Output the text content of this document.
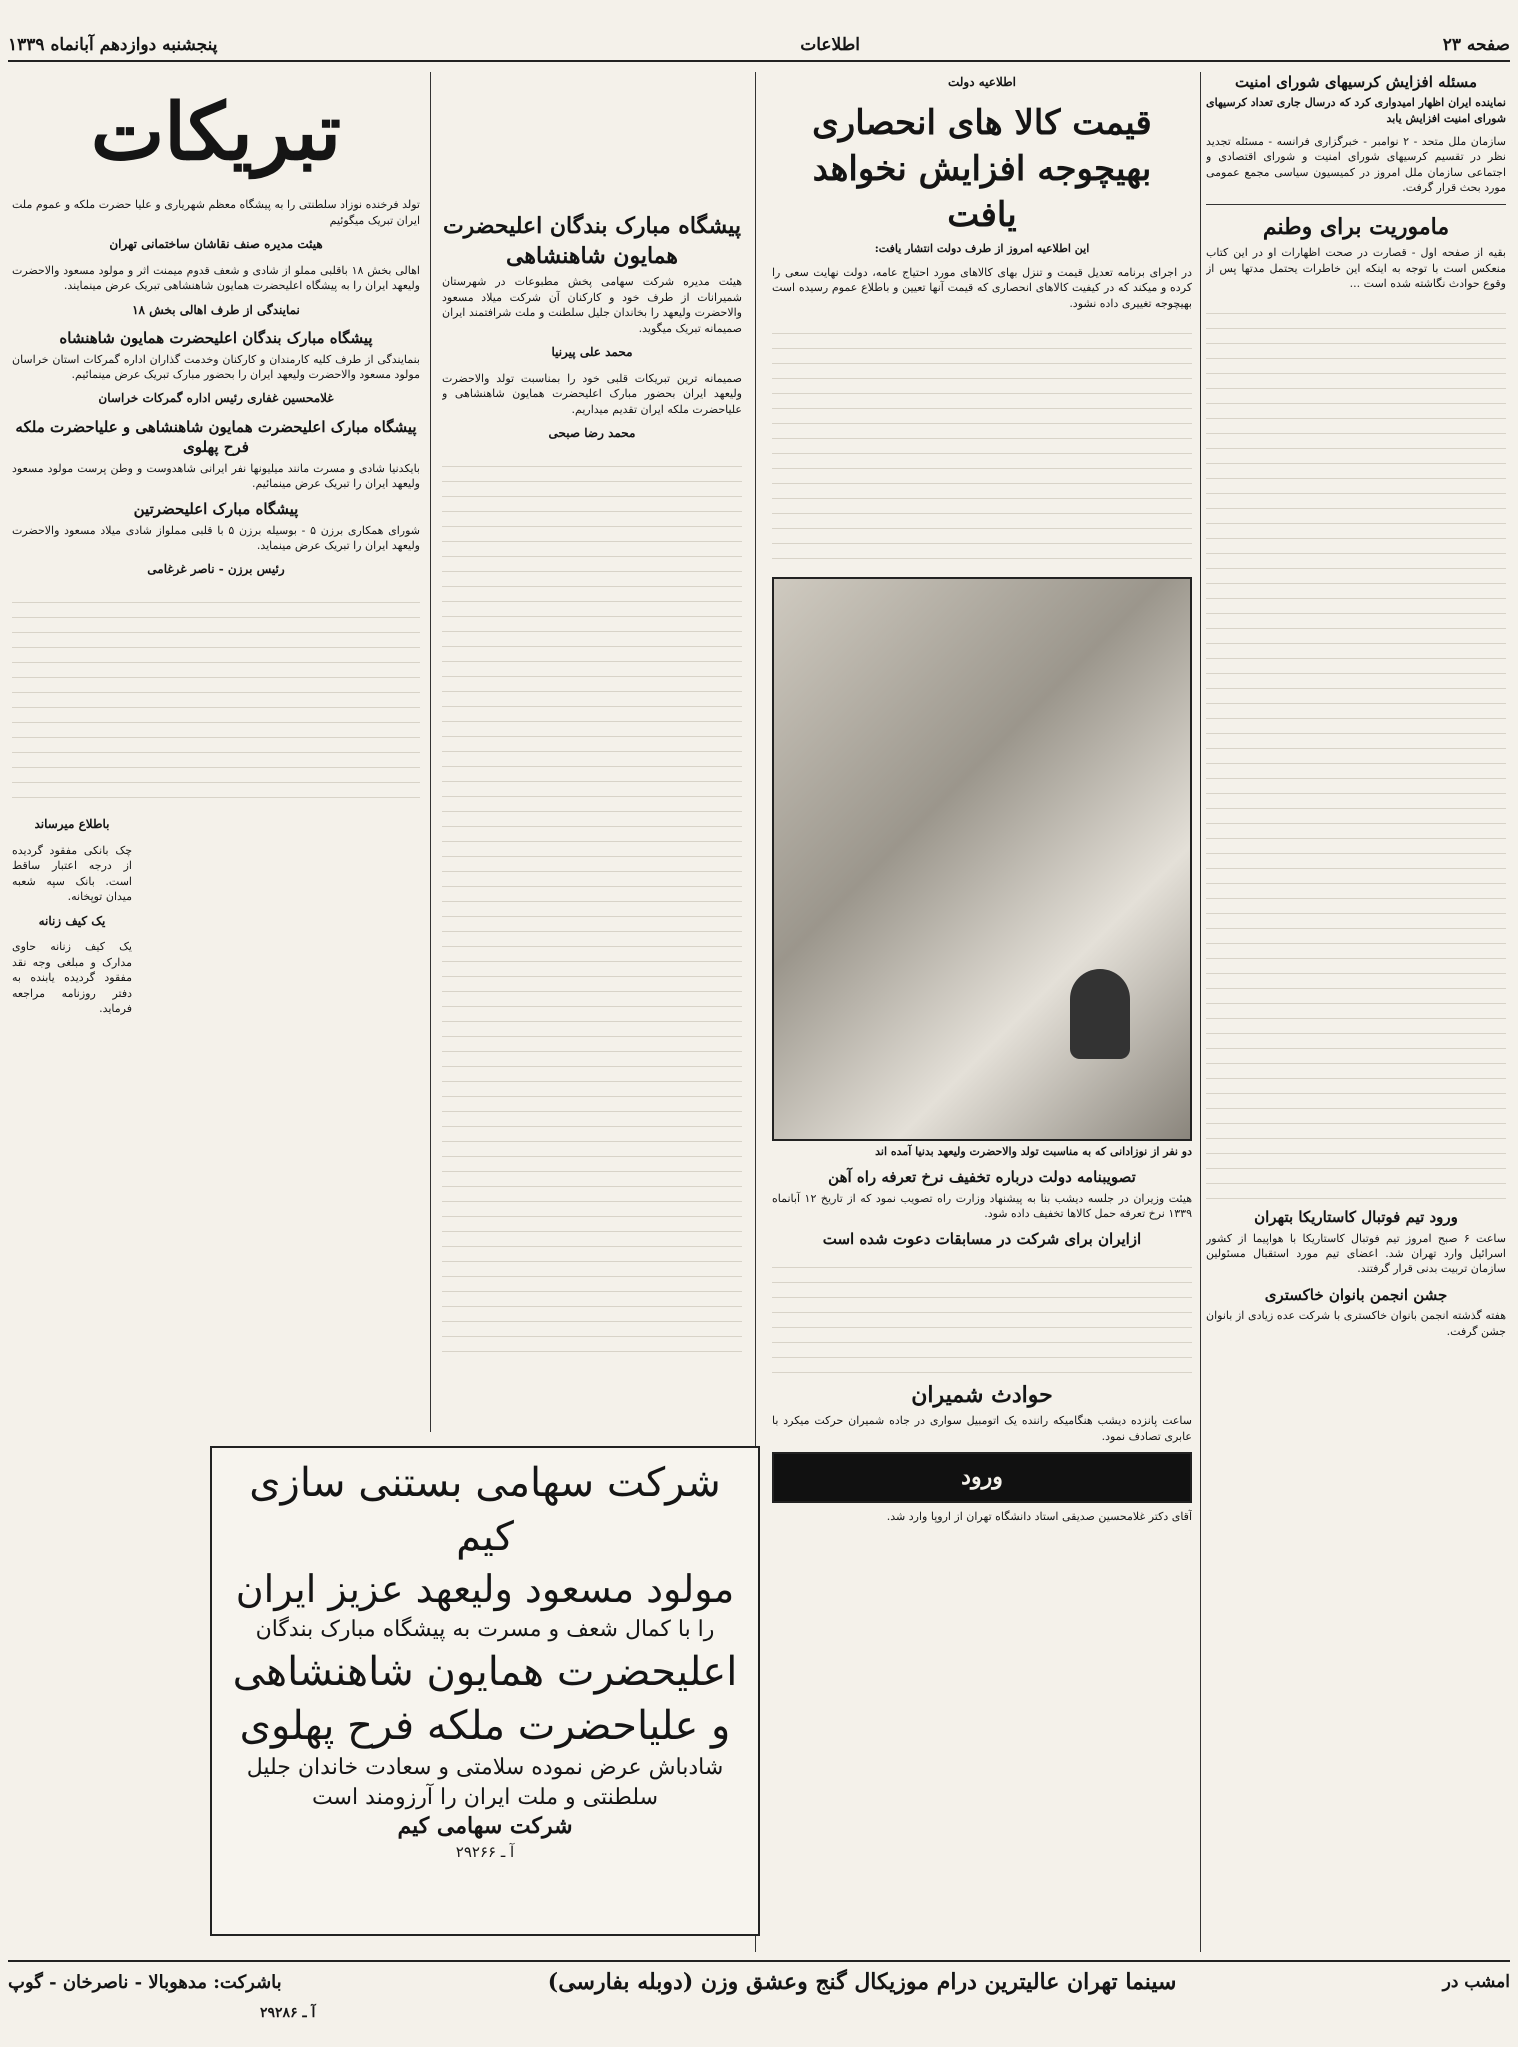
صفحه ۲۳
اطلاعات
پنجشنبه دوازدهم آبانماه ۱۳۳۹
مسئله افزایش کرسیهای شورای امنیت
نماینده ایران اظهار امیدواری کرد که درسال جاری تعداد کرسیهای شورای امنیت افزایش یابد
سازمان ملل متحد - ۲ نوامبر - خبرگزاری فرانسه - مسئله تجدید نظر در تقسیم کرسیهای شورای امنیت و شورای اقتصادی و اجتماعی سازمان ملل امروز در کمیسیون سیاسی مجمع عمومی مورد بحث قرار گرفت.
ماموریت برای وطنم
بقیه از صفحه اول - قصارت در صحت اظهارات او در این کتاب منعکس است با توجه به اینکه این خاطرات یحتمل مدتها پس از وقوع حوادث نگاشته شده است ...
ورود تیم فوتبال کاستاریکا بتهران
ساعت ۶ صبح امروز تیم فوتبال کاستاریکا با هواپیما از کشور اسرائیل وارد تهران شد. اعضای تیم مورد استقبال مسئولین سازمان تربیت بدنی قرار گرفتند.
جشن انجمن بانوان خاکستری
هفته گذشته انجمن بانوان خاکستری با شرکت عده زیادی از بانوان جشن گرفت.
اطلاعیه دولت
قیمت کالا های انحصاری
بهیچوجه افزایش نخواهد یافت
این اطلاعیه امروز از طرف دولت انتشار یافت:
در اجرای برنامه تعدیل قیمت و تنزل بهای کالاهای مورد احتیاج عامه، دولت نهایت سعی را کرده و میکند که در کیفیت کالاهای انحصاری که قیمت آنها تعیین و باطلاع عموم رسیده است بهیچوجه تغییری داده نشود.
دو نفر از نوزادانی که به مناسبت تولد والاحضرت ولیعهد بدنیا آمده اند
تصویبنامه دولت درباره تخفیف نرخ تعرفه راه آهن
هیئت وزیران در جلسه دیشب بنا به پیشنهاد وزارت راه تصویب نمود که از تاریخ ۱۲ آبانماه ۱۳۳۹ نرخ تعرفه حمل کالاها تخفیف داده شود.
ازایران برای شرکت در مسابقات دعوت شده است
حوادث شمیران
ساعت پانزده دیشب هنگامیکه راننده یک اتومبیل سواری در جاده شمیران حرکت میکرد با عابری تصادف نمود.
ورود
آقای دکتر غلامحسین صدیقی استاد دانشگاه تهران از اروپا وارد شد.
پیشگاه مبارک بندگان اعلیحضرت همایون شاهنشاهی
هیئت مدیره شرکت سهامی پخش مطبوعات در شهرستان شمیرانات از طرف خود و کارکنان آن شرکت میلاد مسعود والاحضرت ولیعهد را بخاندان جلیل سلطنت و ملت شرافتمند ایران صمیمانه تبریک میگوید.
محمد علی پیرنیا
صمیمانه ترین تبریکات قلبی خود را بمناسبت تولد والاحضرت ولیعهد ایران بحضور مبارک اعلیحضرت همایون شاهنشاهی و علیاحضرت ملکه ایران تقدیم میداریم.
محمد رضا صبحی
تبریکات
تولد فرخنده نوزاد سلطنتی را به پیشگاه معظم شهریاری و علیا حضرت ملکه و عموم ملت ایران تبریک میگوئیم
هیئت مدیره صنف نقاشان ساختمانی تهران
اهالی بخش ۱۸ باقلبی مملو از شادی و شعف قدوم میمنت اثر و مولود مسعود والاحضرت ولیعهد ایران را به پیشگاه اعلیحضرت همایون شاهنشاهی تبریک عرض مینمایند.
نمایندگی از طرف اهالی بخش ۱۸
پیشگاه مبارک بندگان اعلیحضرت همایون شاهنشاه
بنمایندگی از طرف کلیه کارمندان و کارکنان وخدمت گذاران اداره گمرکات استان خراسان مولود مسعود والاحضرت ولیعهد ایران را بحضور مبارک تبریک عرض مینمائیم.
غلامحسین غفاری رئیس اداره گمرکات خراسان
پیشگاه مبارک اعلیحضرت همایون شاهنشاهی و علیاحضرت ملکه فرح پهلوی
بایکدنیا شادی و مسرت مانند میلیونها نفر ایرانی شاهدوست و وطن پرست مولود مسعود ولیعهد ایران را تبریک عرض مینمائیم.
پیشگاه مبارک اعلیحضرتین
شورای همکاری برزن ۵ - بوسیله برزن ۵ با قلبی مملواز شادی میلاد مسعود والاحضرت ولیعهد ایران را تبریک عرض مینماید.
رئیس برزن - ناصر غرغامی
باطلاع میرساند
چک بانکی مفقود گردیده از درجه اعتبار ساقط است. بانک سپه شعبه میدان توپخانه.
یک کیف زنانه
یک کیف زنانه حاوی مدارک و مبلغی وجه نقد مفقود گردیده یابنده به دفتر روزنامه مراجعه فرماید.
شرکت سهامی بستنی سازی کیم
مولود مسعود ولیعهد عزیز ایران
را با کمال شعف و مسرت به پیشگاه مبارک بندگان
اعلیحضرت همایون شاهنشاهی
و علیاحضرت ملکه فرح پهلوی
شادباش عرض نموده سلامتی و سعادت خاندان جلیل سلطنتی و ملت ایران را آرزومند است
شرکت سهامی کیم
آ ـ ۲۹۲۶۶
امشب در
سینما تهران عالیترین درام موزیکال گنج وعشق وزن (دوبله بفارسی)
باشرکت: مدهوبالا - ناصرخان - گوپ
آ ـ ۲۹۲۸۶
